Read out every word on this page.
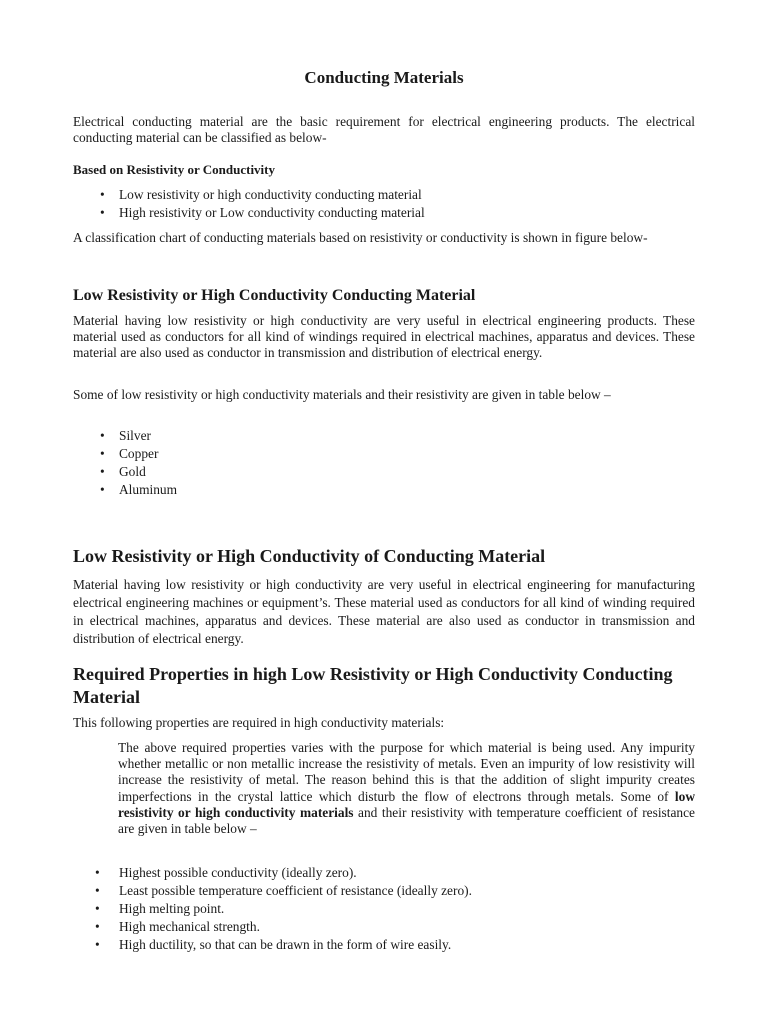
Conducting Materials

Electrical conducting material are the basic requirement for electrical engineering products. The electrical conducting material can be classified as below-

Based on Resistivity or Conductivity

• Low resistivity or high conductivity conducting material
• High resistivity or Low conductivity conducting material

A classification chart of conducting materials based on resistivity or conductivity is shown in figure below-

Low Resistivity or High Conductivity Conducting Material

Material having low resistivity or high conductivity are very useful in electrical engineering products. These material used as conductors for all kind of windings required in electrical machines, apparatus and devices. These material are also used as conductor in transmission and distribution of electrical energy.

Some of low resistivity or high conductivity materials and their resistivity are given in table below –

• Silver
• Copper
• Gold
• Aluminum

Low Resistivity or High Conductivity of Conducting Material

Material having low resistivity or high conductivity are very useful in electrical engineering for manufacturing electrical engineering machines or equipment’s. These material used as conductors for all kind of winding required in electrical machines, apparatus and devices. These material are also used as conductor in transmission and distribution of electrical energy.

Required Properties in high Low Resistivity or High Conductivity Conducting Material

This following properties are required in high conductivity materials:

The above required properties varies with the purpose for which material is being used. Any impurity whether metallic or non metallic increase the resistivity of metals. Even an impurity of low resistivity will increase the resistivity of metal. The reason behind this is that the addition of slight impurity creates imperfections in the crystal lattice which disturb the flow of electrons through metals. Some of low resistivity or high conductivity materials and their resistivity with temperature coefficient of resistance are given in table below –

• Highest possible conductivity (ideally zero).
• Least possible temperature coefficient of resistance (ideally zero).
• High melting point.
• High mechanical strength.
• High ductility, so that can be drawn in the form of wire easily.
